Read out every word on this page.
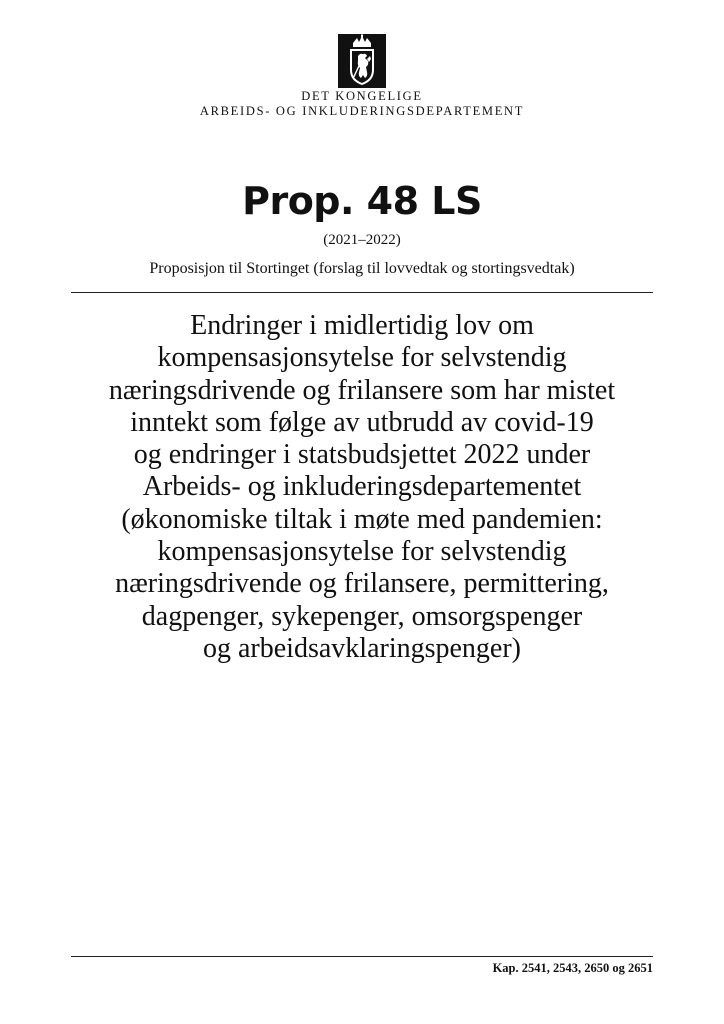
DET KONGELIGE
ARBEIDS- OG INKLUDERINGSDEPARTEMENT
Prop. 48 LS
(2021–2022)
Proposisjon til Stortinget (forslag til lovvedtak og stortingsvedtak)
Endringer i midlertidig lov om
kompensasjonsytelse for selvstendig
næringsdrivende og frilansere som har mistet
inntekt som følge av utbrudd av covid-19
og endringer i statsbudsjettet 2022 under
Arbeids- og inkluderingsdepartementet
(økonomiske tiltak i møte med pandemien:
kompensasjonsytelse for selvstendig
næringsdrivende og frilansere, permittering,
dagpenger, sykepenger, omsorgspenger
og arbeidsavklaringspenger)
Kap. 2541, 2543, 2650 og 2651
